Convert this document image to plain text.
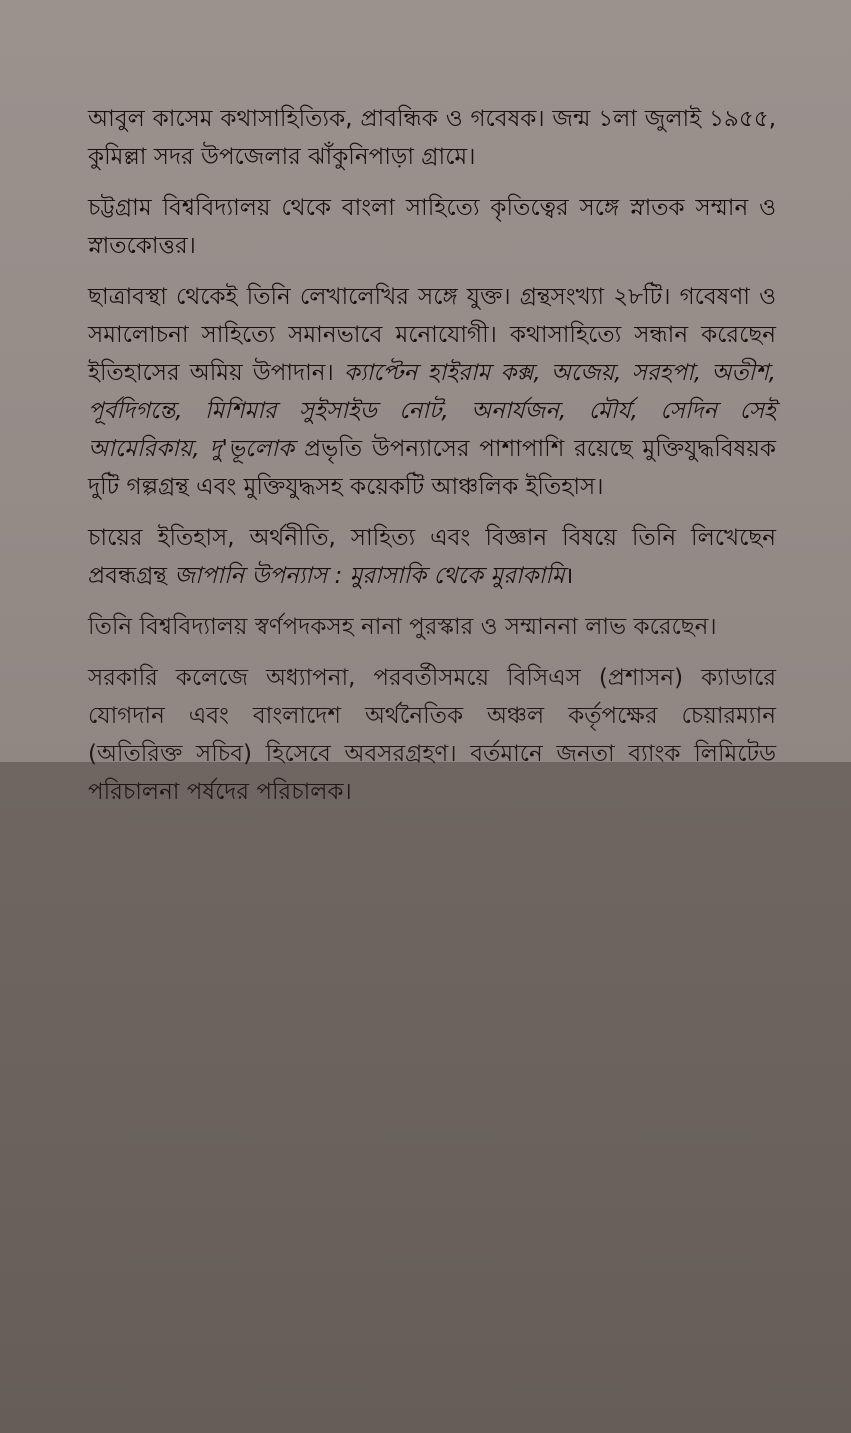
আবুল কাসেম কথাসাহিত্যিক, প্রাবন্ধিক ও গবেষক। জন্ম ১লা জুলাই ১৯৫৫, কুমিল্লা সদর উপজেলার ঝাঁকুনিপাড়া গ্রামে।

চট্টগ্রাম বিশ্ববিদ্যালয় থেকে বাংলা সাহিত্যে কৃতিত্বের সঙ্গে স্নাতক সম্মান ও স্নাতকোত্তর।

ছাত্রাবস্থা থেকেই তিনি লেখালেখির সঙ্গে যুক্ত। গ্রন্থসংখ্যা ২৮টি। গবেষণা ও সমালোচনা সাহিত্যে সমানভাবে মনোযোগী। কথাসাহিত্যে সন্ধান করেছেন ইতিহাসের অমিয় উপাদান। ক্যাপ্টেন হাইরাম কক্স, অজেয়, সরহপা, অতীশ, পূর্বদিগন্তে, মিশিমার সুইসাইড নোট, অনার্যজন, মৌর্য, সেদিন সেই আমেরিকায়, দু'ভূলোক প্রভৃতি উপন্যাসের পাশাপাশি রয়েছে মুক্তিযুদ্ধবিষয়ক দুটি গল্পগ্রন্থ এবং মুক্তিযুদ্ধসহ কয়েকটি আঞ্চলিক ইতিহাস।

চায়ের ইতিহাস, অর্থনীতি, সাহিত্য এবং বিজ্ঞান বিষয়ে তিনি লিখেছেন প্রবন্ধগ্রন্থ জাপানি উপন্যাস : মুরাসাকি থেকে মুরাকামি।

তিনি বিশ্ববিদ্যালয় স্বর্ণপদকসহ নানা পুরস্কার ও সম্মাননা লাভ করেছেন।

সরকারি কলেজে অধ্যাপনা, পরবর্তীসময়ে বিসিএস (প্রশাসন) ক্যাডারে যোগদান এবং বাংলাদেশ অর্থনৈতিক অঞ্চল কর্তৃপক্ষের চেয়ারম্যান (অতিরিক্ত সচিব) হিসেবে অবসরগ্রহণ। বর্তমানে জনতা ব্যাংক লিমিটেড পরিচালনা পর্ষদের পরিচালক।
